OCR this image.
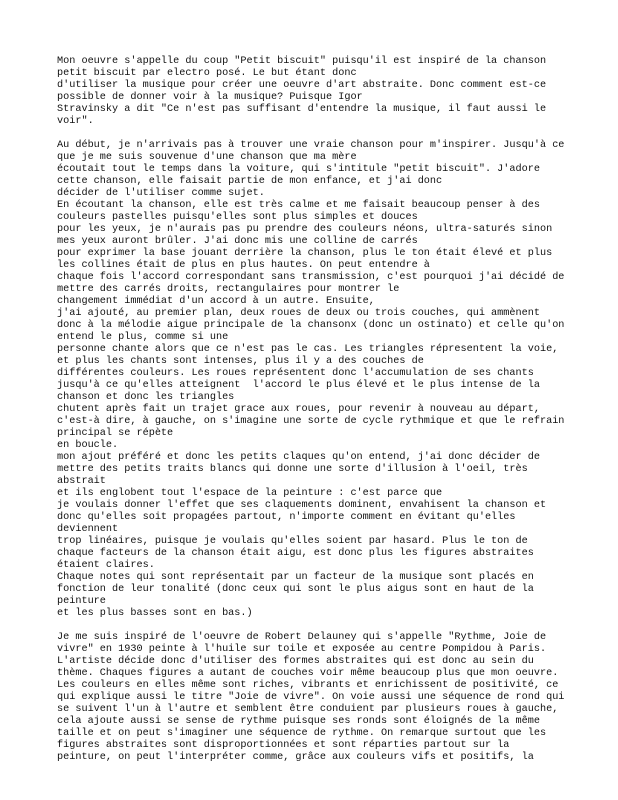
Mon oeuvre s'appelle du coup "Petit biscuit" puisqu'il est inspiré de la chanson
petit biscuit par electro posé. Le but étant donc
d'utiliser la musique pour créer une oeuvre d'art abstraite. Donc comment est-ce
possible de donner voir à la musique? Puisque Igor
Stravinsky a dit "Ce n'est pas suffisant d'entendre la musique, il faut aussi le
voir".
Au début, je n'arrivais pas à trouver une vraie chanson pour m'inspirer. Jusqu'à ce
que je me suis souvenue d'une chanson que ma mère
écoutait tout le temps dans la voiture, qui s'intitule "petit biscuit". J'adore
cette chanson, elle faisait partie de mon enfance, et j'ai donc
décider de l'utiliser comme sujet.
En écoutant la chanson, elle est très calme et me faisait beaucoup penser à des
couleurs pastelles puisqu'elles sont plus simples et douces
pour les yeux, je n'aurais pas pu prendre des couleurs néons, ultra-saturés sinon
mes yeux auront brûler. J'ai donc mis une colline de carrés
pour exprimer la base jouant derrière la chanson, plus le ton était élevé et plus
les collines était de plus en plus hautes. On peut entendre à
chaque fois l'accord correspondant sans transmission, c'est pourquoi j'ai décidé de
mettre des carrés droits, rectangulaires pour montrer le
changement immédiat d'un accord à un autre. Ensuite,
j'ai ajouté, au premier plan, deux roues de deux ou trois couches, qui ammènent
donc à la mélodie aigue principale de la chansonx (donc un ostinato) et celle qu'on
entend le plus, comme si une
personne chante alors que ce n'est pas le cas. Les triangles répresentent la voie,
et plus les chants sont intenses, plus il y a des couches de
différentes couleurs. Les roues représentent donc l'accumulation de ses chants
jusqu'à ce qu'elles atteignent  l'accord le plus élevé et le plus intense de la
chanson et donc les triangles
chutent après fait un trajet grace aux roues, pour revenir à nouveau au départ,
c'est-à dire, à gauche, on s'imagine une sorte de cycle rythmique et que le refrain
principal se répète
en boucle.
mon ajout préféré et donc les petits claques qu'on entend, j'ai donc décider de
mettre des petits traits blancs qui donne une sorte d'illusion à l'oeil, très
abstrait
et ils englobent tout l'espace de la peinture : c'est parce que
je voulais donner l'effet que ses claquements dominent, envahisent la chanson et
donc qu'elles soit propagées partout, n'importe comment en évitant qu'elles
deviennent
trop linéaires, puisque je voulais qu'elles soient par hasard. Plus le ton de
chaque facteurs de la chanson était aigu, est donc plus les figures abstraites
étaient claires.
Chaque notes qui sont représentait par un facteur de la musique sont placés en
fonction de leur tonalité (donc ceux qui sont le plus aigus sont en haut de la
peinture
et les plus basses sont en bas.)
Je me suis inspiré de l'oeuvre de Robert Delauney qui s'appelle "Rythme, Joie de
vivre" en 1930 peinte à l'huile sur toile et exposée au centre Pompidou à Paris.
L'artiste décide donc d'utiliser des formes abstraites qui est donc au sein du
thème. Chaques figures a autant de couches voir même beaucoup plus que mon oeuvre.
Les couleurs en elles même sont riches, vibrants et enrichissent de positivité, ce
qui explique aussi le titre "Joie de vivre". On voie aussi une séquence de rond qui
se suivent l'un à l'autre et semblent être conduient par plusieurs roues à gauche,
cela ajoute aussi se sense de rythme puisque ses ronds sont éloignés de la même
taille et on peut s'imaginer une séquence de rythme. On remarque surtout que les
figures abstraites sont disproportionnées et sont réparties partout sur la
peinture, on peut l'interpréter comme, grâce aux couleurs vifs et positifs, la
